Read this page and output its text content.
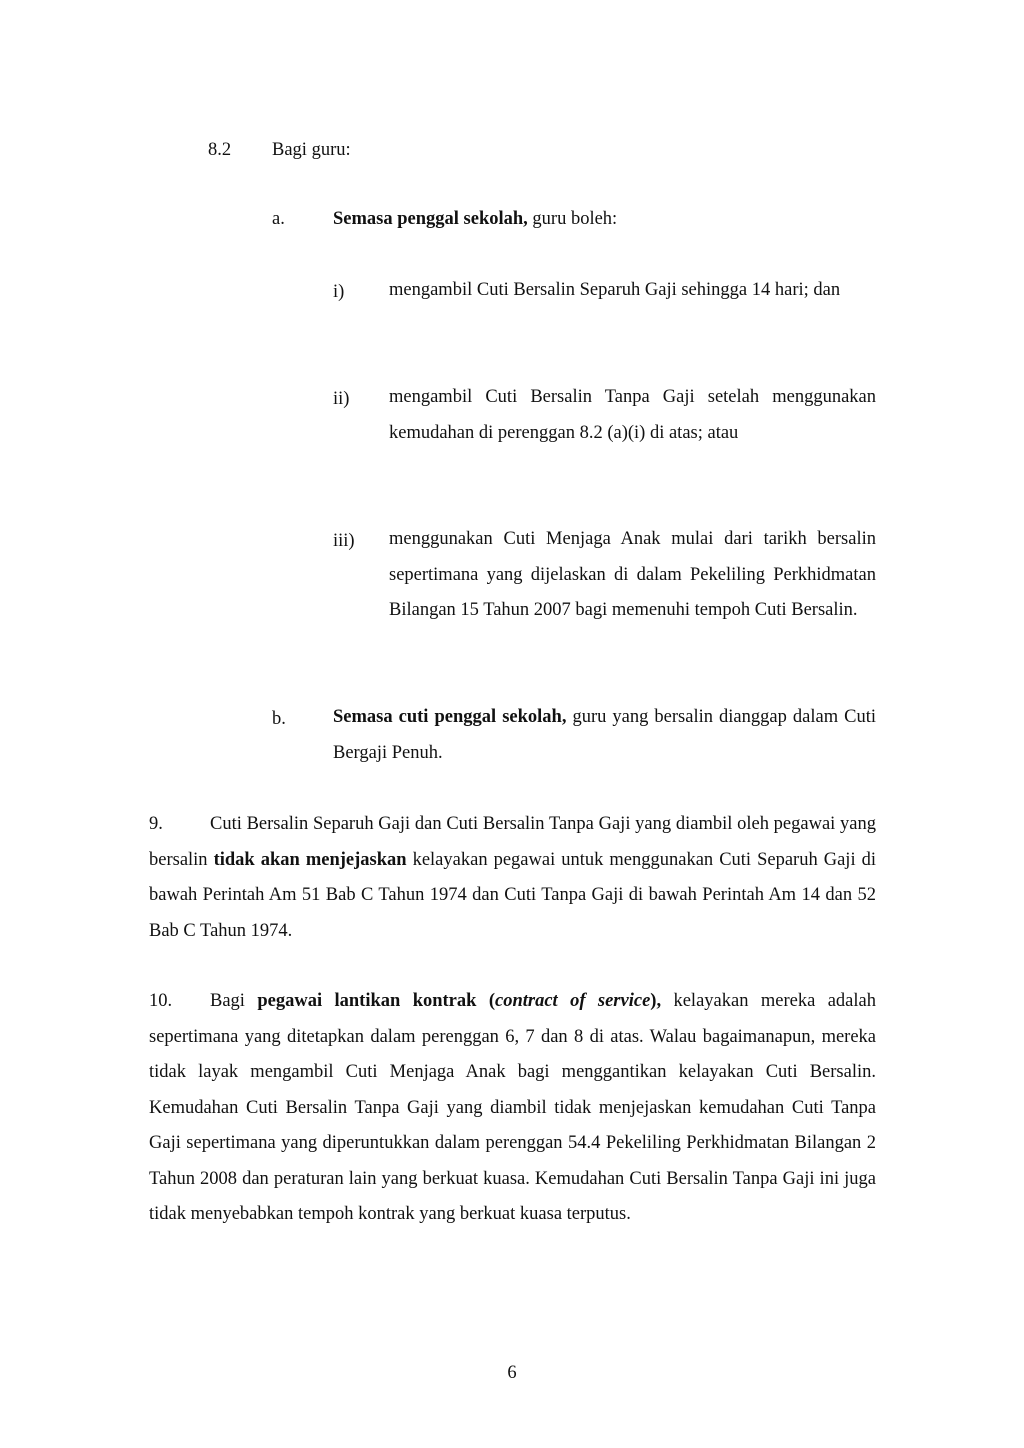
8.2 Bagi guru:
a.	Semasa penggal sekolah, guru boleh:
i) mengambil Cuti Bersalin Separuh Gaji sehingga 14 hari; dan
ii) mengambil Cuti Bersalin Tanpa Gaji setelah menggunakan kemudahan di perenggan 8.2 (a)(i) di atas; atau
iii) menggunakan Cuti Menjaga Anak mulai dari tarikh bersalin sepertimana yang dijelaskan di dalam Pekeliling Perkhidmatan Bilangan 15 Tahun 2007 bagi memenuhi tempoh Cuti Bersalin.
b.	Semasa cuti penggal sekolah, guru yang bersalin dianggap dalam Cuti Bergaji Penuh.
9.	Cuti Bersalin Separuh Gaji dan Cuti Bersalin Tanpa Gaji yang diambil oleh pegawai yang bersalin tidak akan menjejaskan kelayakan pegawai untuk menggunakan Cuti Separuh Gaji di bawah Perintah Am 51 Bab C Tahun 1974 dan Cuti Tanpa Gaji di bawah Perintah Am 14 dan 52 Bab C Tahun 1974.
10. Bagi pegawai lantikan kontrak (contract of service), kelayakan mereka adalah sepertimana yang ditetapkan dalam perenggan 6, 7 dan 8 di atas. Walau bagaimanapun, mereka tidak layak mengambil Cuti Menjaga Anak bagi menggantikan kelayakan Cuti Bersalin. Kemudahan Cuti Bersalin Tanpa Gaji yang diambil tidak menjejaskan kemudahan Cuti Tanpa Gaji sepertimana yang diperuntukkan dalam perenggan 54.4 Pekeliling Perkhidmatan Bilangan 2 Tahun 2008 dan peraturan lain yang berkuat kuasa. Kemudahan Cuti Bersalin Tanpa Gaji ini juga tidak menyebabkan tempoh kontrak yang berkuat kuasa terputus.
6
